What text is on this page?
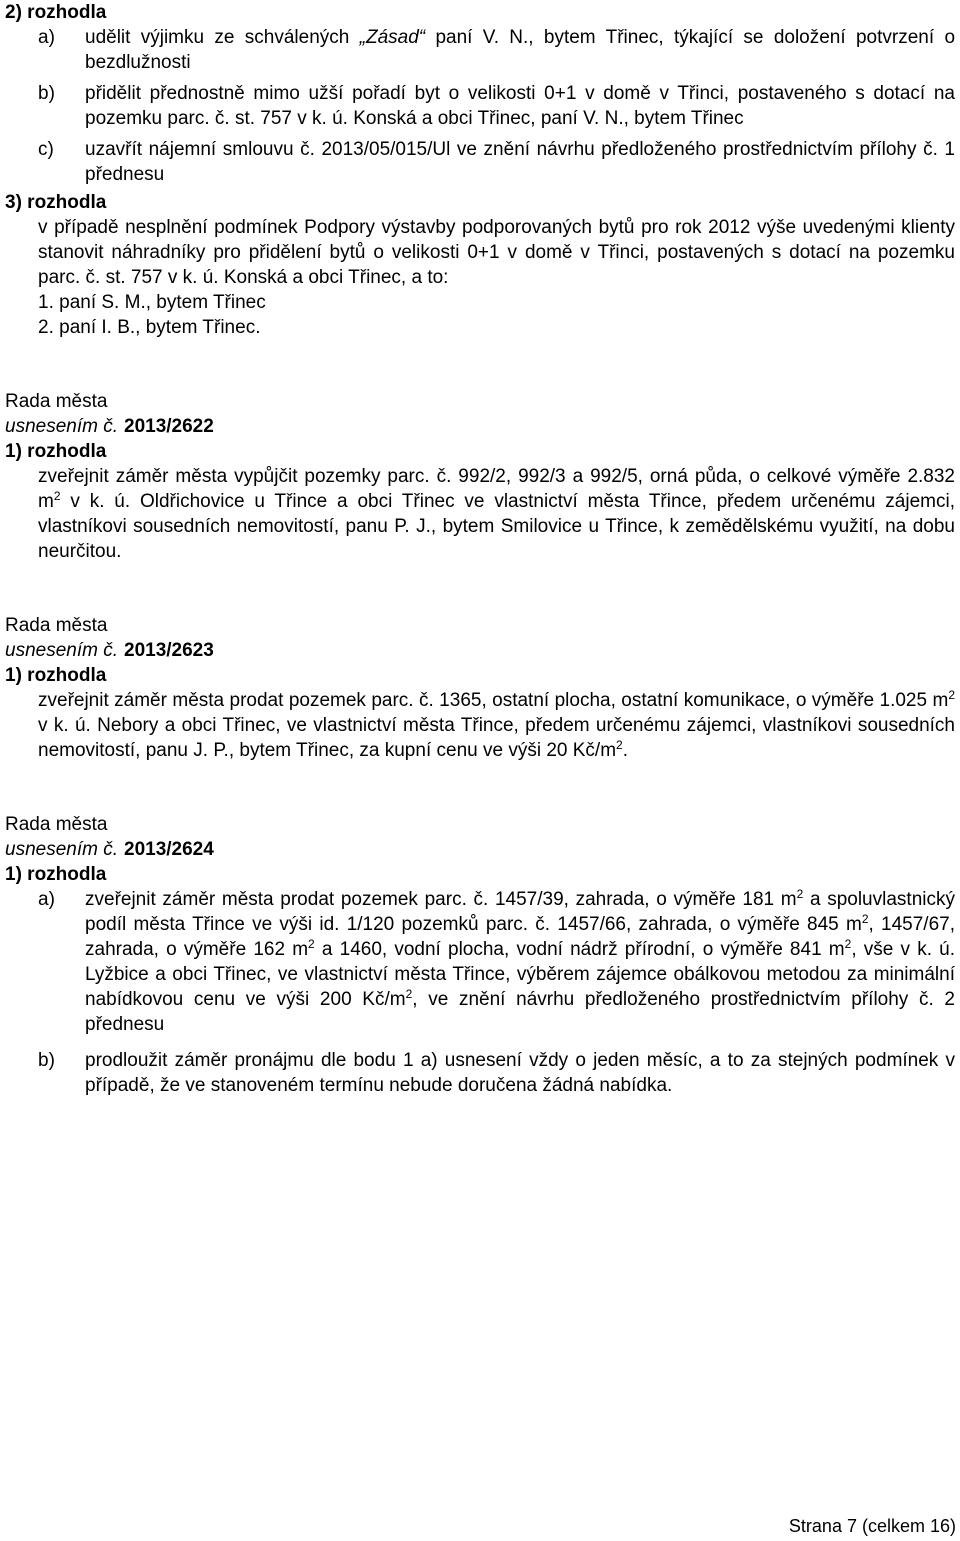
2) rozhodla
a)	udělit výjimku ze schválených „Zásad“ paní V. N., bytem Třinec, týkající se doložení potvrzení o bezdlužnosti
b)	přidělit přednostně mimo užší pořadí byt o velikosti 0+1 v domě v Třinci, postaveného s dotací na pozemku parc. č. st. 757 v k. ú. Konská a obci Třinec, paní V. N., bytem Třinec
c)	uzavřít nájemní smlouvu č. 2013/05/015/Ul ve znění návrhu předloženého prostřednictvím přílohy č. 1 přednesu
3) rozhodla
v případě nesplnění podmínek Podpory výstavby podporovaných bytů pro rok 2012 výše uvedenými klienty stanovit náhradníky pro přidělení bytů o velikosti 0+1 v domě v Třinci, postavených s dotací na pozemku parc. č. st. 757 v k. ú. Konská a obci Třinec, a to:
1. paní S. M., bytem Třinec
2. paní I. B., bytem Třinec.
Rada města
usnesením č. 2013/2622
1) rozhodla
zveřejnit záměr města vypůjčit pozemky parc. č. 992/2, 992/3 a 992/5, orná půda, o celkové výměře 2.832 $m^2$ v k. ú. Oldřichovice u Třince a obci Třinec ve vlastnictví města Třince, předem určenému zájemci, vlastníkovi sousedních nemovitostí, panu P. J., bytem Smilovice u Třince, k zemědělskému využití, na dobu neurčitou.
Rada města
usnesením č. 2013/2623
1) rozhodla
zveřejnit záměr města prodat pozemek parc. č. 1365, ostatní plocha, ostatní komunikace, o výměře 1.025 $m^2$ v k. ú. Nebory a obci Třinec, ve vlastnictví města Třince, předem určenému zájemci, vlastníkovi sousedních nemovitostí, panu J. P., bytem Třinec, za kupní cenu ve výši 20 $Kč/m^2$.
Rada města
usnesením č. 2013/2624
1) rozhodla
a)	zveřejnit záměr města prodat pozemek parc. č. 1457/39, zahrada, o výměře 181 $m^2$ a spoluvlastnický podíl města Třince ve výši id. 1/120 pozemků parc. č. 1457/66, zahrada, o výměře 845 $m^2$, 1457/67, zahrada, o výměře 162 $m^2$ a 1460, vodní plocha, vodní nádrž přírodní, o výměře 841 $m^2$, vše v k. ú. Lyžbice a obci Třinec, ve vlastnictví města Třince, výběrem zájemce obálkovou metodou za minimální nabídkovou cenu ve výši 200 $Kč/m^2$, ve znění návrhu předloženého prostřednictvím přílohy č. 2 přednesu
b)	prodloužit záměr pronájmu dle bodu 1 a) usnesení vždy o jeden měsíc, a to za stejných podmínek v případě, že ve stanoveném termínu nebude doručena žádná nabídka.
Strana 7 (celkem 16)
